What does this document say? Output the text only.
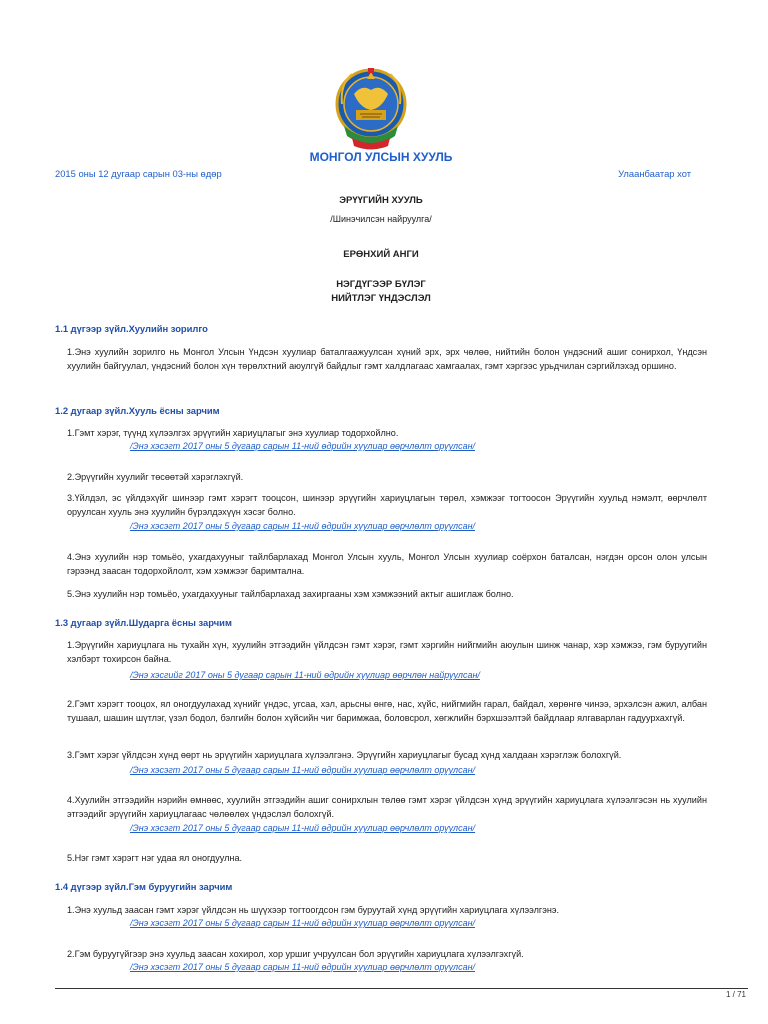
МОНГОЛ УЛСЫН ХУУЛЬ
2015 оны 12 дугаар сарын 03-ны өдөр	Улаанбаатар хот
ЭРҮҮГИЙН ХУУЛЬ
/Шинэчилсэн найруулга/
ЕРӨНХИЙ АНГИ
НЭГДҮГЭЭР БҮЛЭГ
НИЙТЛЭГ ҮНДЭСЛЭЛ
1.1 дүгээр зүйл.Хуулийн зорилго
1.Энэ хуулийн зорилго нь Монгол Улсын Үндсэн хуулиар баталгаажуулсан хүний эрх, эрх чөлөө, нийтийн болон үндэсний ашиг сонирхол, Үндсэн хуулийн байгуулал, үндэсний болон хүн төрөлхтний аюулгүй байдлыг гэмт халдлагаас хамгаалах, гэмт хэргээс урьдчилан сэргийлэхэд оршино.
1.2 дугаар зүйл.Хууль ёсны зарчим
1.Гэмт хэрэг, түүнд хүлээлгэх эрүүгийн хариуцлагыг энэ хуулиар тодорхойлно.
/Энэ хэсэгт 2017 оны 5 дугаар сарын 11-ний өдрийн хуулиар өөрчлөлт оруулсан/
2.Эрүүгийн хуулийг төсөөтэй хэрэглэхгүй.
3.Үйлдэл, эс үйлдэхүйг шинээр гэмт хэрэгт тооцсон, шинээр эрүүгийн хариуцлагын төрөл, хэмжээг тогтоосон Эрүүгийн хуульд нэмэлт, өөрчлөлт оруулсан хууль энэ хуулийн бүрэлдэхүүн хэсэг болно.
/Энэ хэсэгт 2017 оны 5 дугаар сарын 11-ний өдрийн хуулиар өөрчлөлт оруулсан/
4.Энэ хуулийн нэр томьёо, ухагдахууныг тайлбарлахад Монгол Улсын хууль, Монгол Улсын хуулиар соёрхон баталсан, нэгдэн орсон олон улсын гэрээнд заасан тодорхойлолт, хэм хэмжээг баримтална.
5.Энэ хуулийн нэр томьёо, ухагдахууныг тайлбарлахад захиргааны хэм хэмжээний актыг ашиглаж болно.
1.3 дугаар зүйл.Шударга ёсны зарчим
1.Эрүүгийн хариуцлага нь тухайн хүн, хуулийн этгээдийн үйлдсэн гэмт хэрэг, гэмт хэргийн нийгмийн аюулын шинж чанар, хэр хэмжээ, гэм буруугийн хэлбэрт тохирсон байна.
/Энэ хэсгийг 2017 оны 5 дугаар сарын 11-ний өдрийн хуулиар өөрчлөн найруулсан/
2.Гэмт хэрэгт тооцох, ял оногдуулахад хүнийг үндэс, угсаа, хэл, арьсны өнгө, нас, хүйс, нийгмийн гарал, байдал, хөрөнгө чинээ, эрхэлсэн ажил, албан тушаал, шашин шүтлэг, үзэл бодол, бэлгийн болон хүйсийн чиг баримжаа, боловсрол, хөгжлийн бэрхшээлтэй байдлаар ялгаварлан гадуурхахгүй.
3.Гэмт хэрэг үйлдсэн хүнд өөрт нь эрүүгийн хариуцлага хүлээлгэнэ. Эрүүгийн хариуцлагыг бусад хүнд халдаан хэрэглэж болохгүй.
/Энэ хэсэгт 2017 оны 5 дугаар сарын 11-ний өдрийн хуулиар өөрчлөлт оруулсан/
4.Хуулийн этгээдийн нэрийн өмнөөс, хуулийн этгээдийн ашиг сонирхлын төлөө гэмт хэрэг үйлдсэн хүнд эрүүгийн хариуцлага хүлээлгэсэн нь хуулийн этгээдийг эрүүгийн хариуцлагаас чөлөөлөх үндэслэл болохгүй.
/Энэ хэсэгт 2017 оны 5 дугаар сарын 11-ний өдрийн хуулиар өөрчлөлт оруулсан/
5.Нэг гэмт хэрэгт нэг удаа ял оногдуулна.
1.4 дүгээр зүйл.Гэм буруугийн зарчим
1.Энэ хуульд заасан гэмт хэрэг үйлдсэн нь шүүхээр тогтоогдсон гэм буруутай хүнд эрүүгийн хариуцлага хүлээлгэнэ.
/Энэ хэсэгт 2017 оны 5 дугаар сарын 11-ний өдрийн хуулиар өөрчлөлт оруулсан/
2.Гэм буруугүйгээр энэ хуульд заасан хохирол, хор уршиг учруулсан бол эрүүгийн хариуцлага хүлээлгэхгүй.
/Энэ хэсэгт 2017 оны 5 дугаар сарын 11-ний өдрийн хуулиар өөрчлөлт оруулсан/
1 / 71
